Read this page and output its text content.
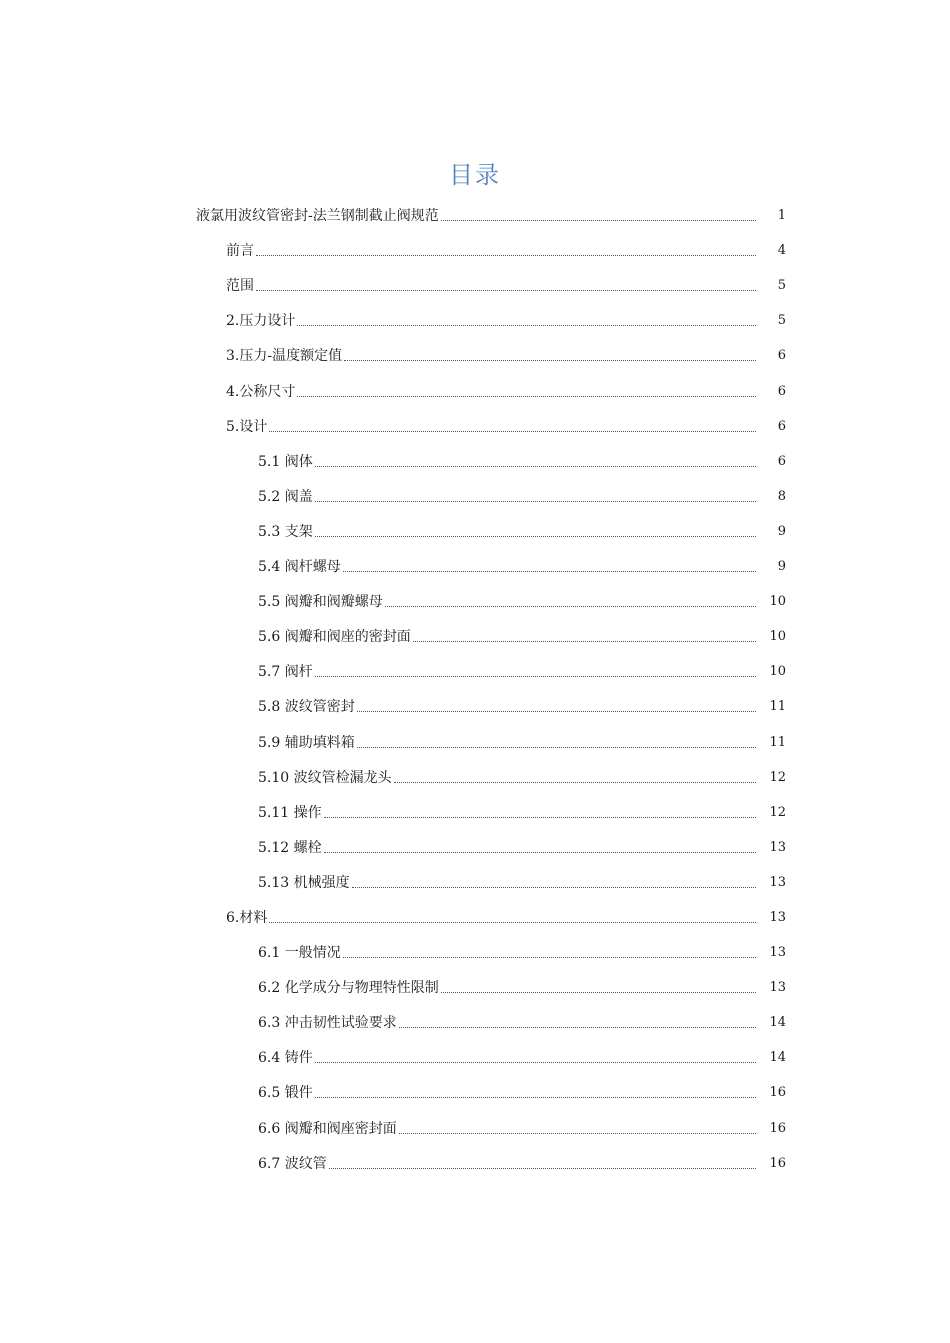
目录
液氯用波纹管密封-法兰钢制截止阀规范	1
前言	4
范围	5
2.压力设计	5
3.压力-温度额定值	6
4.公称尺寸	6
5.设计	6
5.1 阀体	6
5.2 阀盖	8
5.3 支架	9
5.4 阀杆螺母	9
5.5 阀瓣和阀瓣螺母	10
5.6 阀瓣和阀座的密封面	10
5.7 阀杆	10
5.8 波纹管密封	11
5.9 辅助填料箱	11
5.10 波纹管检漏龙头	12
5.11 操作	12
5.12 螺栓	13
5.13 机械强度	13
6.材料	13
6.1 一般情况	13
6.2 化学成分与物理特性限制	13
6.3 冲击韧性试验要求	14
6.4 铸件	14
6.5 锻件	16
6.6 阀瓣和阀座密封面	16
6.7 波纹管	16
